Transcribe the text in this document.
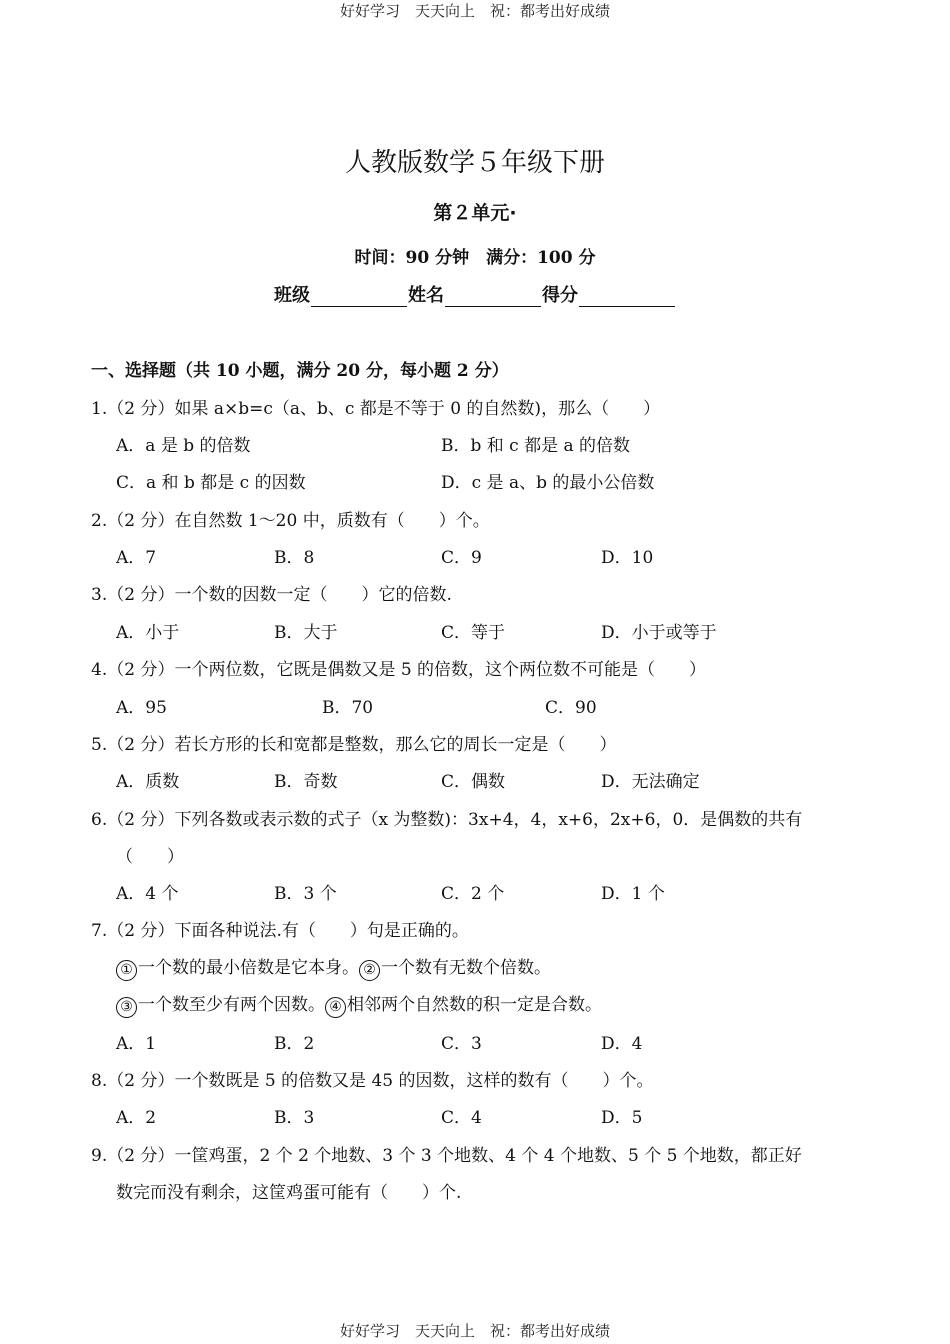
好好学习　天天向上　祝：都考出好成绩
人教版数学５年级下册
第２单元·
时间：90 分钟　满分：100 分
班级	姓名	得分
一、选择题（共 10 小题，满分 20 分，每小题 2 分）
1.（2 分）如果 a×b=c（a、b、c 都是不等于 0 的自然数)，那么（　　）
A．a 是 b 的倍数	B．b 和 c 都是 a 的倍数
C．a 和 b 都是 c 的因数	D．c 是 a、b 的最小公倍数
2.（2 分）在自然数 1～20 中，质数有（　　）个。
A．7	B．8	C．9	D．10
3.（2 分）一个数的因数一定（　　）它的倍数.
A．小于	B．大于	C．等于	D．小于或等于
4.（2 分）一个两位数，它既是偶数又是 5 的倍数，这个两位数不可能是（　　）
A．95	B．70	C．90
5.（2 分）若长方形的长和宽都是整数，那么它的周长一定是（　　）
A．质数	B．奇数	C．偶数	D．无法确定
6.（2 分）下列各数或表示数的式子（x 为整数)：3x+4，4，x+6，2x+6，0．是偶数的共有
（　　）
A．4 个	B．3 个	C．2 个	D．1 个
7.（2 分）下面各种说法.有（　　）句是正确的。
① 一个数的最小倍数是它本身。 ② 一个数有无数个倍数。
③ 一个数至少有两个因数。 ④ 相邻两个自然数的积一定是合数。
A．1	B．2	C．3	D．4
8.（2 分）一个数既是 5 的倍数又是 45 的因数，这样的数有（　　）个。
A．2	B．3	C．4	D．5
9.（2 分）一筐鸡蛋，2 个 2 个地数、3 个 3 个地数、4 个 4 个地数、5 个 5 个地数，都正好
数完而没有剩余，这筐鸡蛋可能有（　　）个.
好好学习　天天向上　祝：都考出好成绩
